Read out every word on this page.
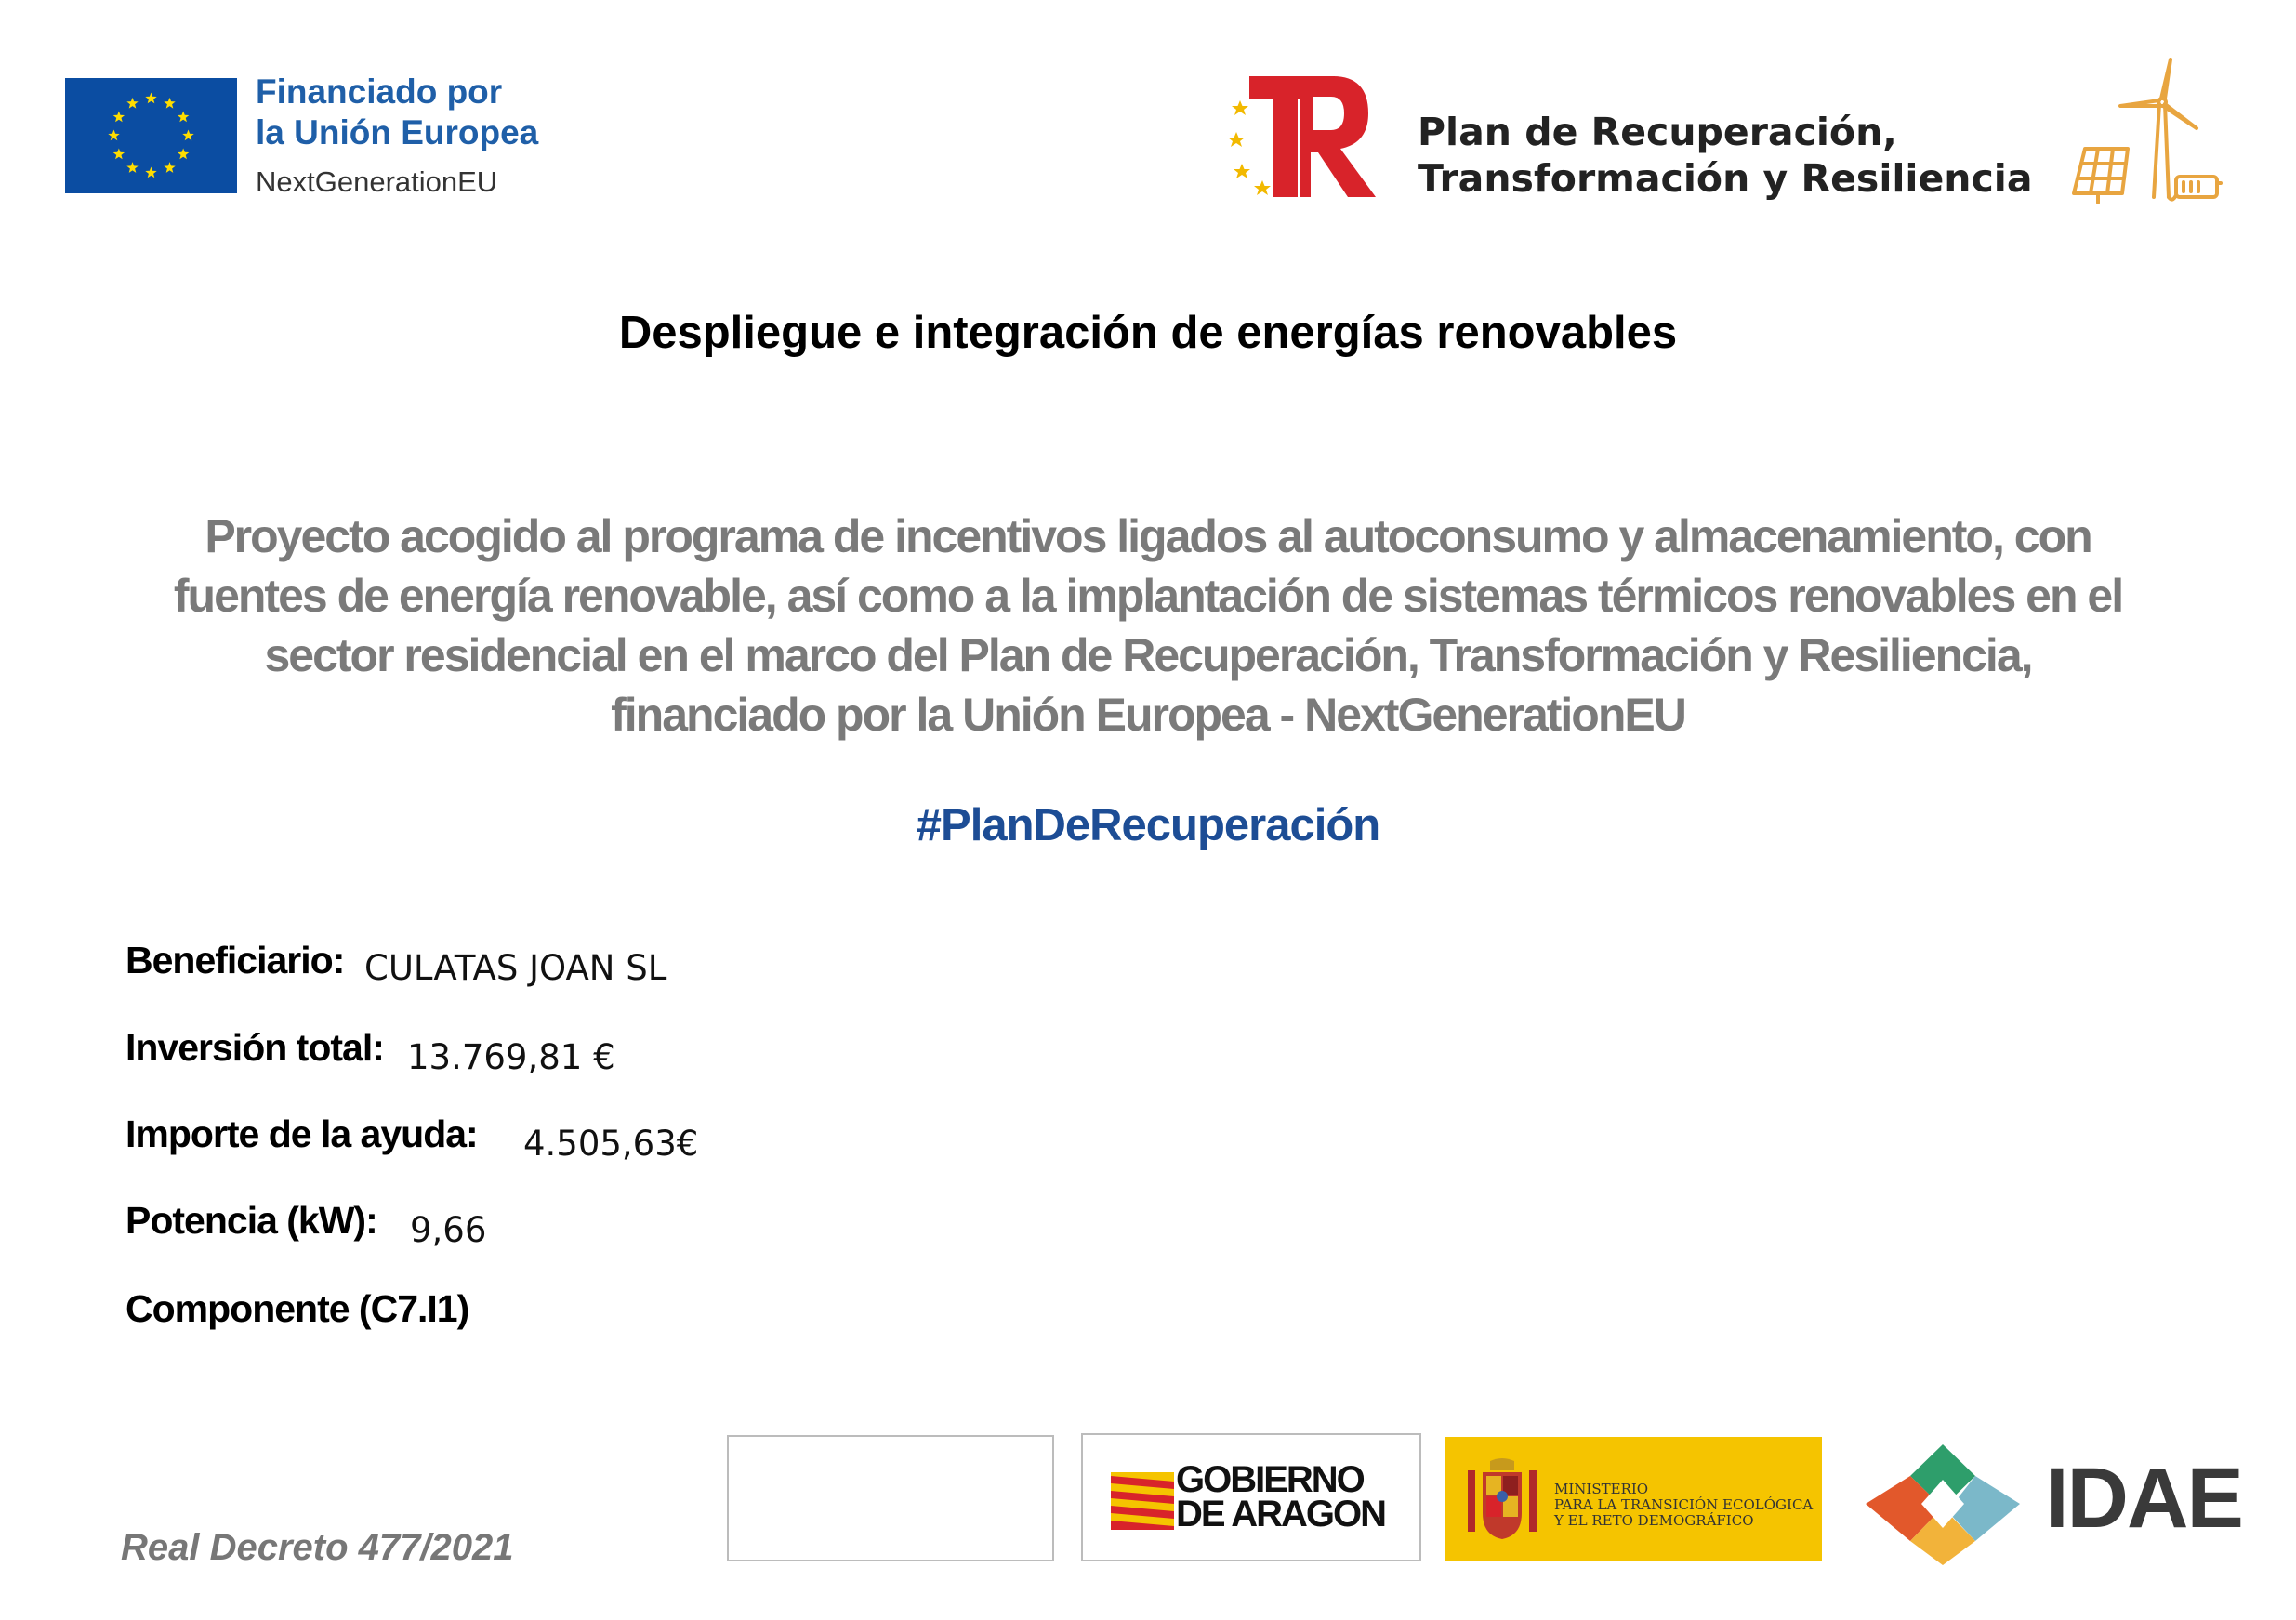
Financiado por
la Unión Europea
NextGenerationEU
Plan de Recuperación,
Transformación y Resiliencia
Despliegue e integración de energías renovables
Proyecto acogido al programa de incentivos ligados al autoconsumo y almacenamiento, con
fuentes de energía renovable, así como a la implantación de sistemas térmicos renovables en el
sector residencial en el marco del Plan de Recuperación, Transformación y Resiliencia,
financiado por la Unión Europea - NextGenerationEU
#PlanDeRecuperación
Beneficiario: CULATAS JOAN SL
Inversión total: 13.769,81 €
Importe de la ayuda: 4.505,63€
Potencia (kW): 9,66
Componente (C7.I1)
Real Decreto 477/2021
GOBIERNO
DE ARAGON
MINISTERIO
PARA LA TRANSICIÓN ECOLÓGICA
Y EL RETO DEMOGRÁFICO	IDAE
